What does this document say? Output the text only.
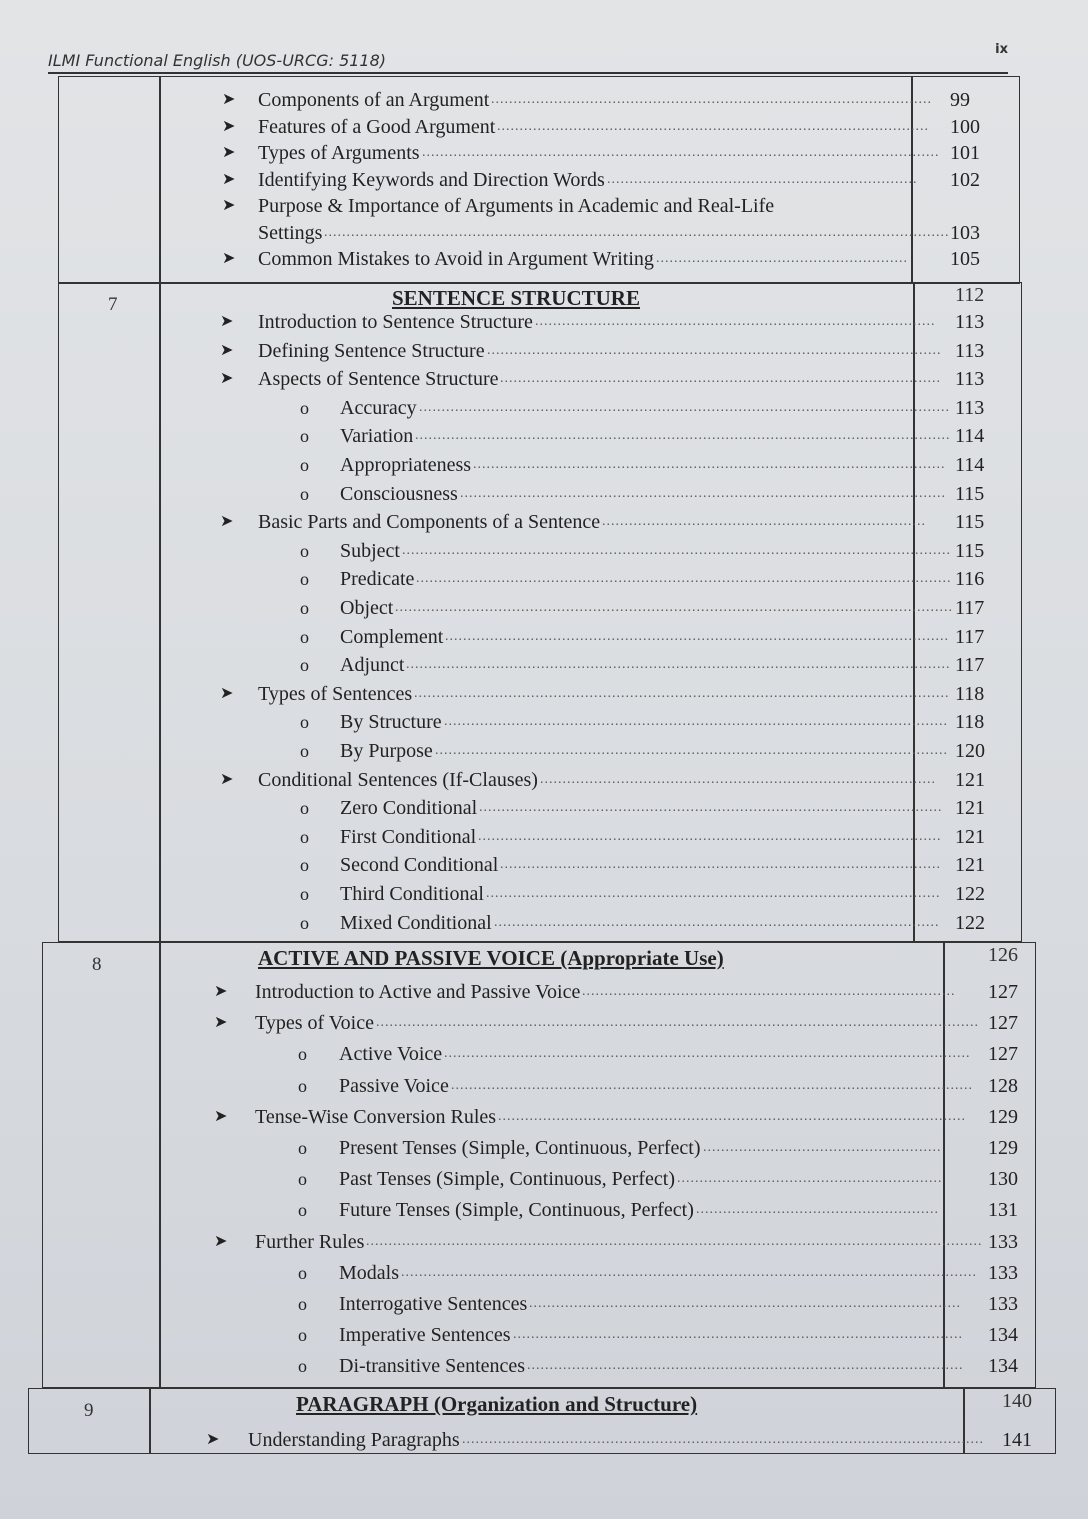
ILMI Functional English (UOS-URCG: 5118)
ix
➤ Components of an Argument .................................................................................................. 99
➤ Features of a Good Argument ................................................................................................ 100
➤ Types of Arguments ................................................................................................................... 101
➤ Identifying Keywords and Direction Words ..................................................................... 102
➤ Purpose & Importance of Arguments in Academic and Real-Life
Settings ........................................................................................................................................... 103
➤ Common Mistakes to Avoid in Argument Writing ........................................................ 105
7	SENTENCE STRUCTURE	112
➤ Introduction to Sentence Structure ......................................................................................... 113
➤ Defining Sentence Structure ..................................................................................................... 113
➤ Aspects of Sentence Structure .................................................................................................. 113
o Accuracy ...................................................................................................................... 113
o Variation ....................................................................................................................... 114
o Appropriateness ......................................................................................................... 114
o Consciousness ............................................................................................................ 115
➤ Basic Parts and Components of a Sentence ........................................................................ 115
o Subject .......................................................................................................................... 115
o Predicate ....................................................................................................................... 116
o Object ............................................................................................................................ 117
o Complement ................................................................................................................ 117
o Adjunct ......................................................................................................................... 117
➤ Types of Sentences ....................................................................................................................... 118
o By Structure ................................................................................................................ 118
o By Purpose .................................................................................................................. 120
➤ Conditional Sentences (If-Clauses) ........................................................................................ 121
o Zero Conditional ....................................................................................................... 121
o First Conditional ....................................................................................................... 121
o Second Conditional .................................................................................................. 121
o Third Conditional ..................................................................................................... 122
o Mixed Conditional ................................................................................................... 122
8	ACTIVE AND PASSIVE VOICE (Appropriate Use)	126
➤ Introduction to Active and Passive Voice ................................................................................... 127
➤ Types of Voice ...................................................................................................................................... 127
o Active Voice ..................................................................................................................... 127
o Passive Voice .................................................................................................................... 128
➤ Tense-Wise Conversion Rules ........................................................................................................ 129
o Present Tenses (Simple, Continuous, Perfect) ..................................................... 129
o Past Tenses (Simple, Continuous, Perfect) ........................................................... 130
o Future Tenses (Simple, Continuous, Perfect) ...................................................... 131
➤ Further Rules ......................................................................................................................................... 133
o Modals ................................................................................................................................ 133
o Interrogative Sentences ................................................................................................ 133
o Imperative Sentences .................................................................................................... 134
o Di-transitive Sentences ................................................................................................. 134
9	PARAGRAPH (Organization and Structure)	140
➤ Understanding Paragraphs .................................................................................................................... 141
